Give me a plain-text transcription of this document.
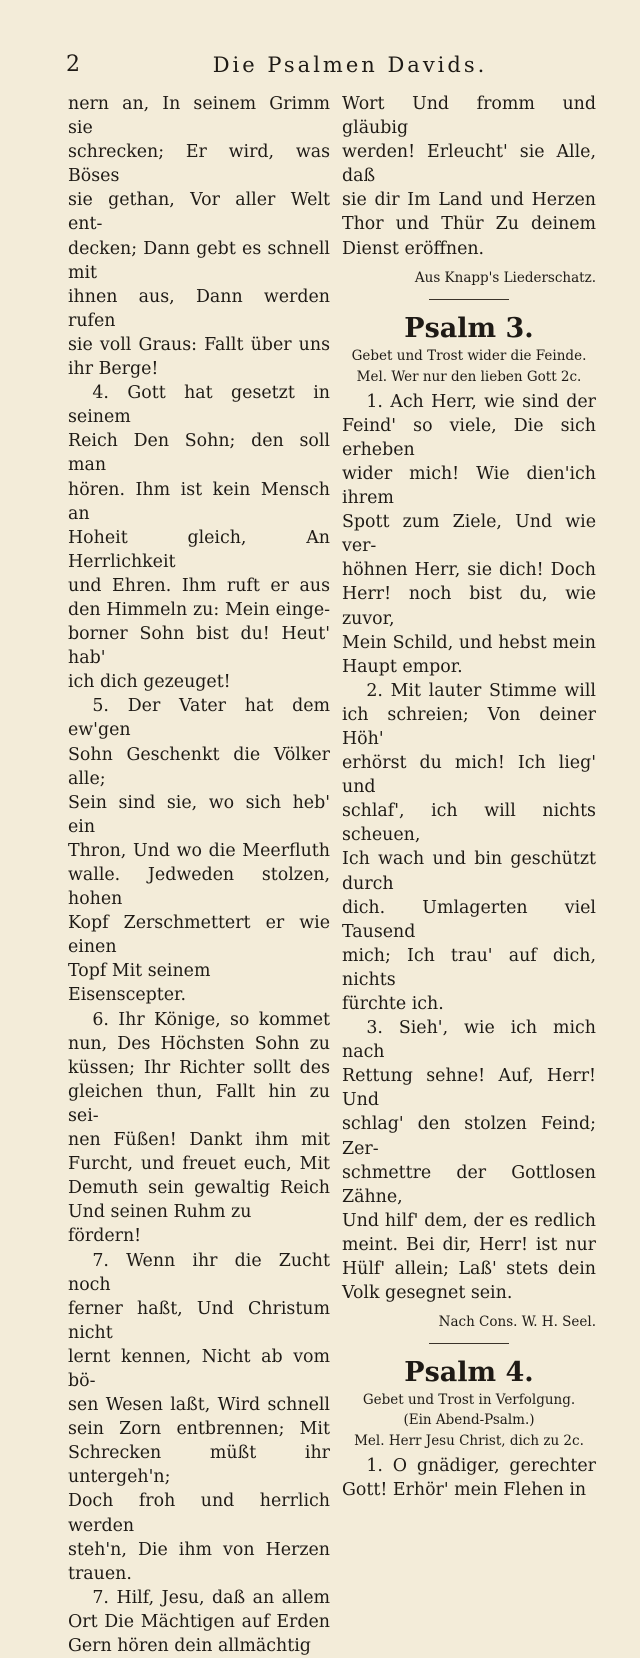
2	Die Psalmen Davids.

nern an, In seinem Grimm sie

schrecken; Er wird, was Böses

sie gethan, Vor aller Welt ent-

decken; Dann gebt es schnell mit

ihnen aus, Dann werden rufen

sie voll Graus: Fallt über uns

ihr Berge!

4. Gott hat gesetzt in seinem

Reich Den Sohn; den soll man

hören. Ihm ist kein Mensch an

Hoheit gleich, An Herrlichkeit

und Ehren. Ihm ruft er aus

den Himmeln zu: Mein einge-

borner Sohn bist du! Heut' hab'

ich dich gezeuget!

5. Der Vater hat dem ew'gen

Sohn Geschenkt die Völker alle;

Sein sind sie, wo sich heb' ein

Thron, Und wo die Meerfluth

walle. Jedweden stolzen, hohen

Kopf Zerschmettert er wie einen

Topf Mit seinem Eisenscepter.

6. Ihr Könige, so kommet

nun, Des Höchsten Sohn zu

küssen; Ihr Richter sollt des

gleichen thun, Fallt hin zu sei-

nen Füßen! Dankt ihm mit

Furcht, und freuet euch, Mit

Demuth sein gewaltig Reich

Und seinen Ruhm zu fördern!

7. Wenn ihr die Zucht noch

ferner haßt, Und Christum nicht

lernt kennen, Nicht ab vom bö-

sen Wesen laßt, Wird schnell

sein Zorn entbrennen; Mit

Schrecken müßt ihr untergeh'n;

Doch froh und herrlich werden

steh'n, Die ihm von Herzen

trauen.

7. Hilf, Jesu, daß an allem

Ort Die Mächtigen auf Erden

Gern hören dein allmächtig

Wort Und fromm und gläubig

werden! Erleucht' sie Alle, daß

sie dir Im Land und Herzen

Thor und Thür Zu deinem

Dienst eröffnen.

Aus Knapp's Liederschatz.
Psalm 3.
Gebet und Trost wider die Feinde.
Mel. Wer nur den lieben Gott 2c.

1. Ach Herr, wie sind der

Feind' so viele, Die sich erheben

wider mich! Wie dien'ich ihrem

Spott zum Ziele, Und wie ver-

höhnen Herr, sie dich! Doch

Herr! noch bist du, wie zuvor,

Mein Schild, und hebst mein

Haupt empor.

2. Mit lauter Stimme will

ich schreien; Von deiner Höh'

erhörst du mich! Ich lieg' und

schlaf', ich will nichts scheuen,

Ich wach und bin geschützt durch

dich. Umlagerten viel Tausend

mich; Ich trau' auf dich, nichts

fürchte ich.

3. Sieh', wie ich mich nach

Rettung sehne! Auf, Herr! Und

schlag' den stolzen Feind; Zer-

schmettre der Gottlosen Zähne,

Und hilf' dem, der es redlich

meint. Bei dir, Herr! ist nur

Hülf' allein; Laß' stets dein

Volk gesegnet sein.

Nach Cons. W. H. Seel.
Psalm 4.
Gebet und Trost in Verfolgung.
(Ein Abend-Psalm.)
Mel. Herr Jesu Christ, dich zu 2c.

1. O gnädiger, gerechter

Gott! Erhör' mein Flehen in
